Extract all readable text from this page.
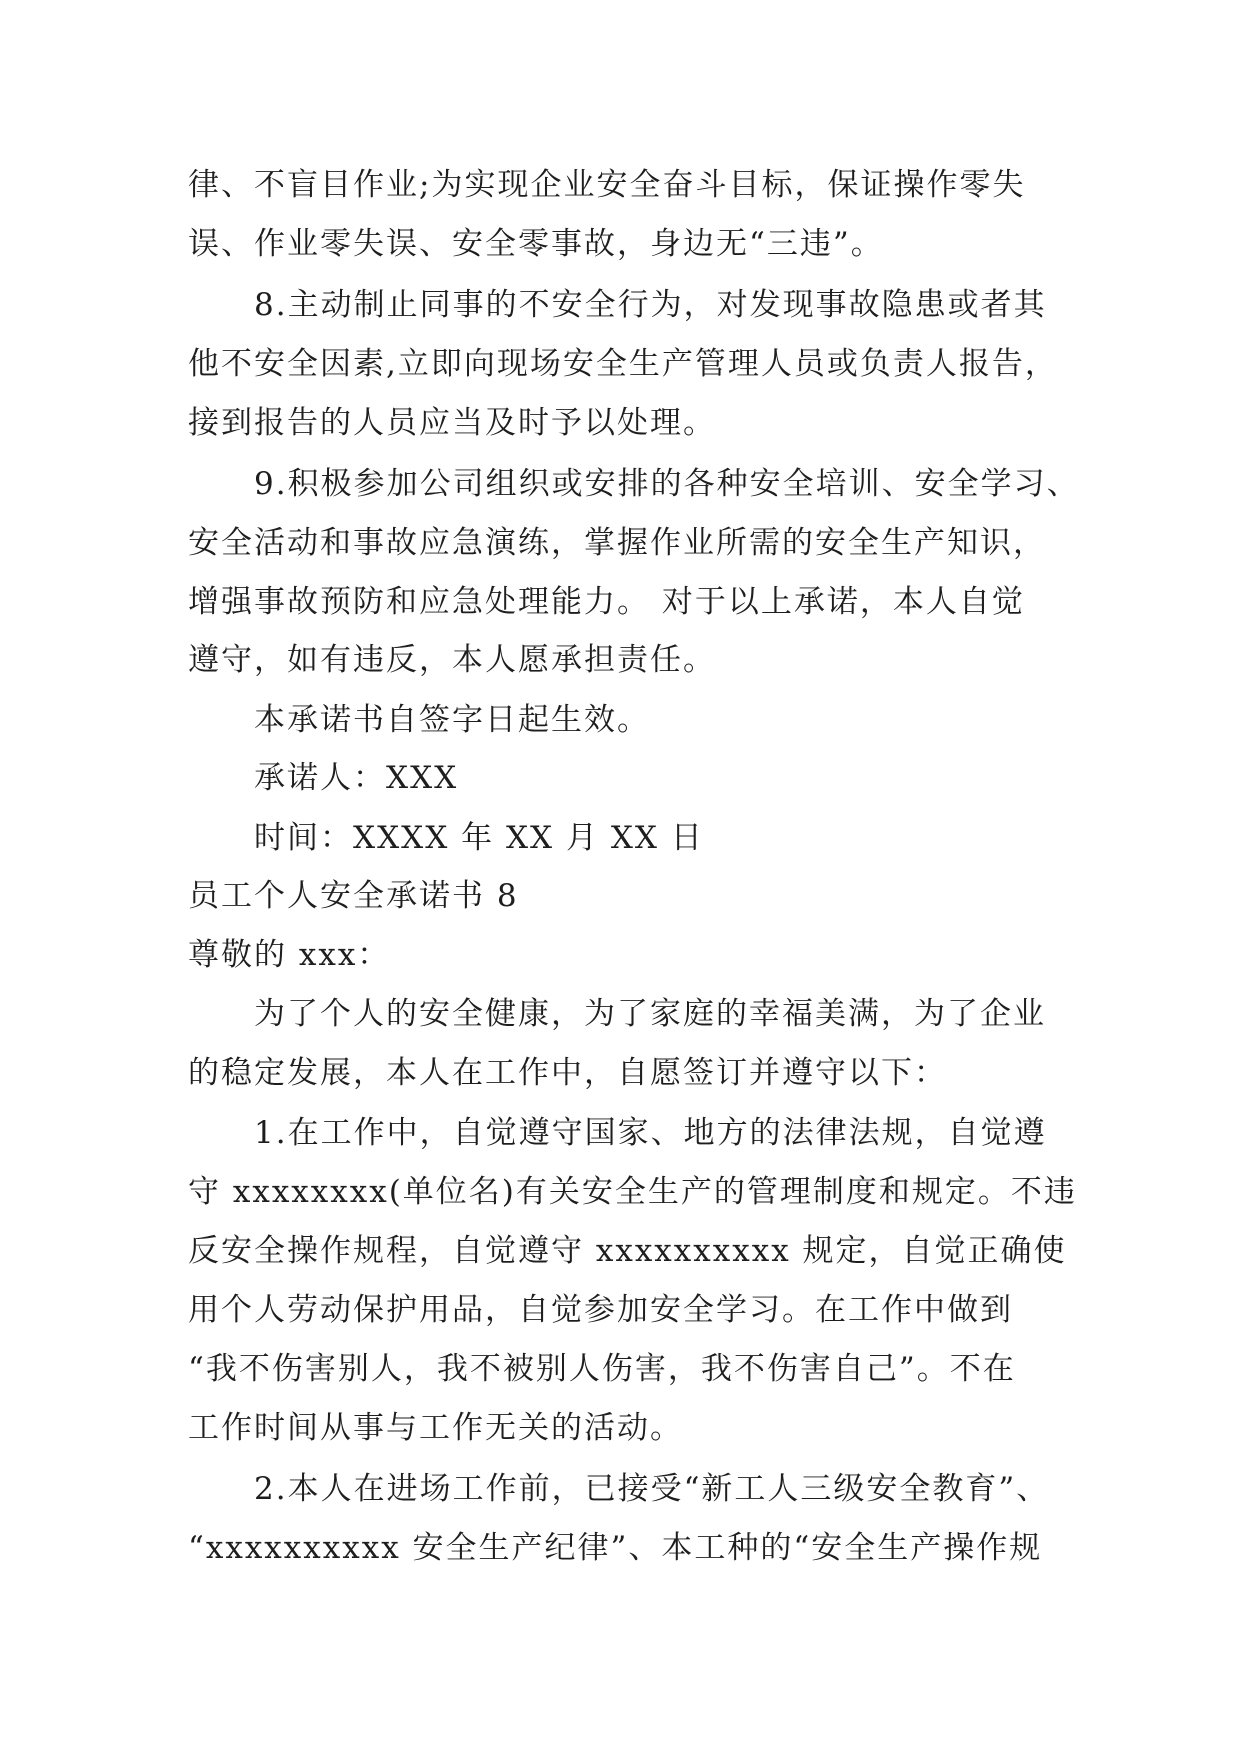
律、不盲目作业;为实现企业安全奋斗目标，保证操作零失
误、作业零失误、安全零事故，身边无“三违”。
8.主动制止同事的不安全行为，对发现事故隐患或者其
他不安全因素,立即向现场安全生产管理人员或负责人报告，
接到报告的人员应当及时予以处理。
9.积极参加公司组织或安排的各种安全培训、安全学习、
安全活动和事故应急演练，掌握作业所需的安全生产知识，
增强事故预防和应急处理能力。 对于以上承诺，本人自觉
遵守，如有违反，本人愿承担责任。
本承诺书自签字日起生效。
承诺人：XXX
时间：XXXX 年 XX 月 XX 日
员工个人安全承诺书 8
尊敬的 xxx：
为了个人的安全健康，为了家庭的幸福美满，为了企业
的稳定发展，本人在工作中，自愿签订并遵守以下：
1.在工作中，自觉遵守国家、地方的法律法规，自觉遵
守 xxxxxxxx(单位名)有关安全生产的管理制度和规定。不违
反安全操作规程，自觉遵守 xxxxxxxxxx 规定，自觉正确使
用个人劳动保护用品，自觉参加安全学习。在工作中做到
“我不伤害别人，我不被别人伤害，我不伤害自己”。不在
工作时间从事与工作无关的活动。
2.本人在进场工作前，已接受“新工人三级安全教育”、
“xxxxxxxxxx 安全生产纪律”、本工种的“安全生产操作规
